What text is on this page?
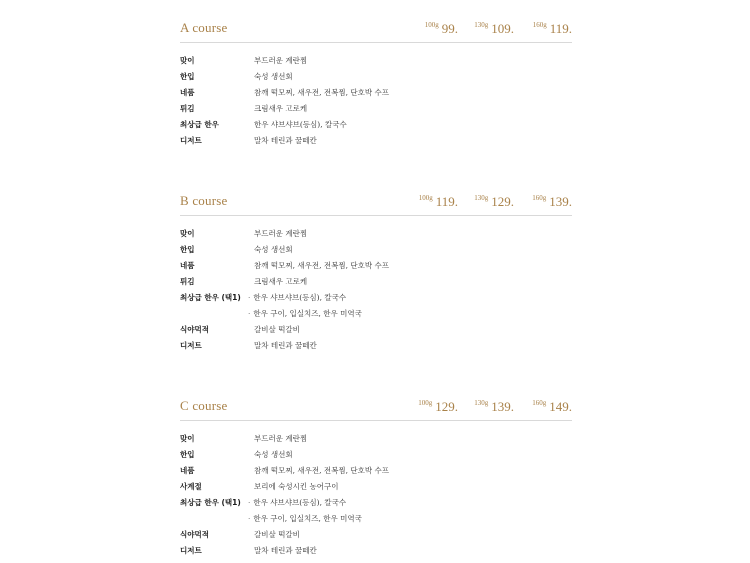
A course	$^{100g}$ 99. $^{130g}$ 109.	$^{160g}$ 119.
맞이	부드러운 계란찜
한입	숙성 생선회
네품	참깨 떡모찌, 새우전, 전복찜, 단호박 수프
튀김	크림새우 고로케
최상급 한우	한우 샤브샤브(등심), 칼국수
디저트	말차 테린과 꿀떼칸
B course	$^{100g}$ 119. $^{130g}$ 129.	$^{160g}$ 139.
맞이	부드러운 계란찜
한입	숙성 생선회
네품	참깨 떡모찌, 새우전, 전복찜, 단호박 수프
튀김	크림새우 고로케
최상급 한우 (택1)	· 한우 샤브샤브(등심), 칼국수
· 한우 구이, 입실치즈, 한우 미역국
식야먹적	갈비살 떡갈비
디저트	말차 테린과 꿀떼칸
C course	$^{100g}$ 129. $^{130g}$ 139.	$^{160g}$ 149.
맞이	부드러운 계란찜
한입	숙성 생선회
네품	참깨 떡모찌, 새우전, 전복찜, 단호박 수프
사계절	보리에 숙성시킨 농어구이
최상급 한우 (택1)	· 한우 샤브샤브(등심), 칼국수
· 한우 구이, 입실치즈, 한우 미역국
식야먹적	갈비살 떡갈비
디저트	말차 테린과 꿀떼칸
